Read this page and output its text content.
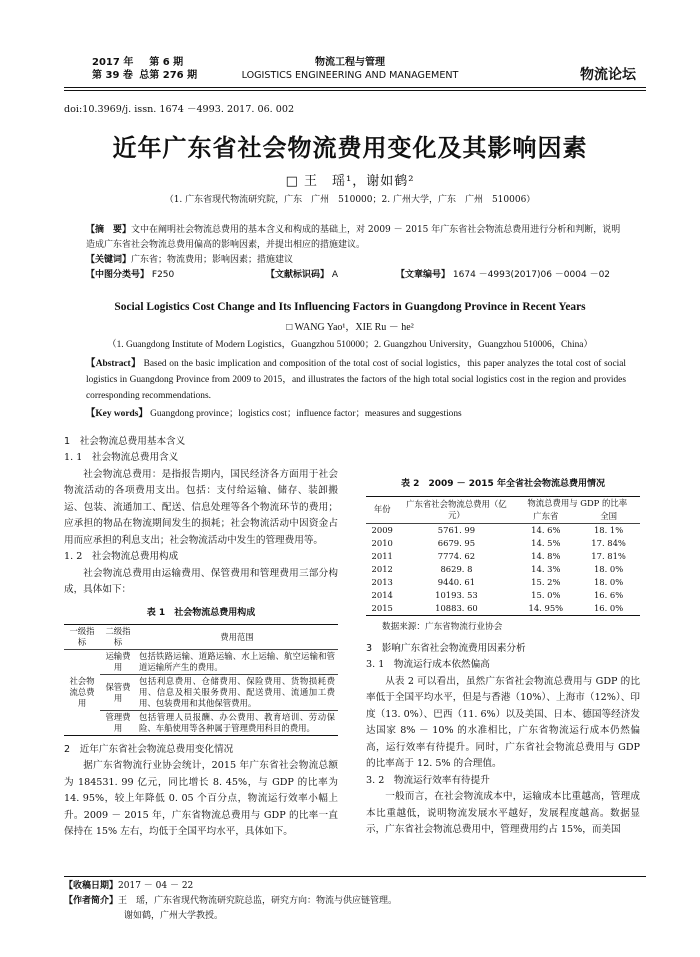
2017 年 第 6 期
第 39 卷 总第 276 期
物流工程与管理
LOGISTICS ENGINEERING AND MANAGEMENT	物流论坛
doi:10.3969/j. issn. 1674 －4993. 2017. 06. 002
近年广东省社会物流费用变化及其影响因素
□ 王　瑶¹，谢如鹤²
（1. 广东省现代物流研究院，广东　广州　510000；2. 广州大学，广东　广州　510006）
【摘　要】文中在阐明社会物流总费用的基本含义和构成的基础上，对 2009 － 2015 年广东省社会物流总费用进行分析和判断，说明造成广东省社会物流总费用偏高的影响因素，并提出相应的措施建议。
【关键词】广东省；物流费用；影响因素；措施建议
【中图分类号】 F250	【文献标识码】 A	【文章编号】 1674 －4993(2017)06 －0004 －02
Social Logistics Cost Change and Its Influencing Factors in Guangdong Province in Recent Years
□ WANG Yao¹，XIE Ru － he²
（1. Guangdong Institute of Modern Logistics，Guangzhou 510000；2. Guangzhou University，Guangzhou 510006，China）
【Abstract】 Based on the basic implication and composition of the total cost of social logistics，this paper analyzes the total cost of social logistics in Guangdong Province from 2009 to 2015，and illustrates the factors of the high total social logistics cost in the region and provides corresponding recommendations.
【Key words】 Guangdong province；logistics cost；influence factor；measures and suggestions
1　社会物流总费用基本含义
1. 1　社会物流总费用含义

社会物流总费用：是指报告期内，国民经济各方面用于社会物流活动的各项费用支出。包括：支付给运输、储存、装卸搬运、包装、流通加工、配送、信息处理等各个物流环节的费用；应承担的物品在物流期间发生的损耗；社会物流活动中因资金占用而应承担的利息支出；社会物流活动中发生的管理费用等。

1. 2　社会物流总费用构成

社会物流总费用由运输费用、保管费用和管理费用三部分构成，具体如下：

表 1　社会物流总费用构成
一级指标	二级指标	费用范围
社会物流总费用	运输费用	包括铁路运输、道路运输、水上运输、航空运输和管道运输所产生的费用。
	保管费用	包括利息费用、仓储费用、保险费用、货物损耗费用、信息及相关服务费用、配送费用、流通加工费用、包装费用和其他保管费用。
	管理费用	包括管理人员报酬、办公费用、教育培训、劳动保险、车船使用等各种属于管理费用科目的费用。
2　近年广东省社会物流总费用变化情况

据广东省物流行业协会统计，2015 年广东省社会物流总额为 184531. 99 亿元，同比增长 8. 45%，与 GDP 的比率为 14. 95%，较上年降低 0. 05 个百分点，物流运行效率小幅上升。2009 － 2015 年，广东省物流总费用与 GDP 的比率一直保持在 15% 左右，均低于全国平均水平，具体如下。

表 2　2009 － 2015 年全省社会物流总费用情况
年份	广东省社会物流总费用（亿元）	物流总费用与 GDP 的比率	
		广东省	全国
2009	5761. 99	14. 6%	18. 1%
2010	6679. 95	14. 5%	17. 84%
2011	7774. 62	14. 8%	17. 81%
2012	8629. 8	14. 3%	18. 0%
2013	9440. 61	15. 2%	18. 0%
2014	10193. 53	15. 0%	16. 6%
2015	10883. 60	14. 95%	16. 0%
数据来源：广东省物流行业协会
3　影响广东省社会物流费用因素分析
3. 1　物流运行成本依然偏高

从表 2 可以看出，虽然广东省社会物流总费用与 GDP 的比率低于全国平均水平，但是与香港（10%）、上海市（12%）、印度（13. 0%）、巴西（11. 6%）以及美国、日本、德国等经济发达国家 8% － 10% 的水准相比，广东省物流运行成本仍然偏高，运行效率有待提升。同时，广东省社会物流总费用与 GDP 的比率高于 12. 5% 的合理值。

3. 2　物流运行效率有待提升

一般而言，在社会物流成本中，运输成本比重越高，管理成本比重越低，说明物流发展水平越好，发展程度越高。数据显示，广东省社会物流总费用中，管理费用约占 15%，而美国

【收稿日期】2017 － 04 － 22
【作者简介】王　瑶，广东省现代物流研究院总监，研究方向：物流与供应链管理。
谢如鹤，广州大学教授。
